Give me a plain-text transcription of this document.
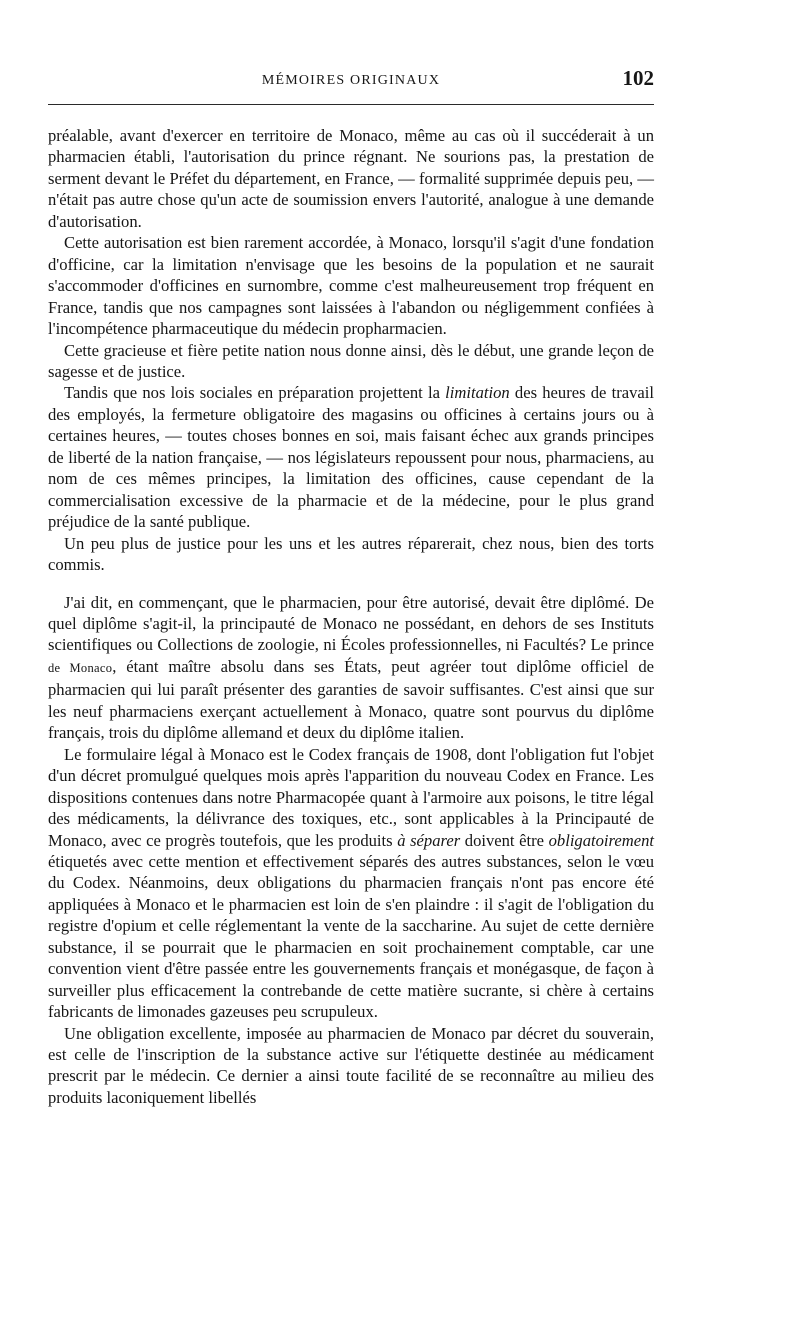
MÉMOIRES ORIGINAUX	102

préalable, avant d'exercer en territoire de Monaco, même au cas où il succéderait à un pharmacien établi, l'autorisation du prince régnant. Ne sourions pas, la prestation de serment devant le Préfet du département, en France, — formalité supprimée depuis peu, — n'était pas autre chose qu'un acte de soumission envers l'autorité, analogue à une demande d'autorisation.

Cette autorisation est bien rarement accordée, à Monaco, lorsqu'il s'agit d'une fondation d'officine, car la limitation n'envisage que les besoins de la population et ne saurait s'accommoder d'officines en surnombre, comme c'est malheureusement trop fréquent en France, tandis que nos campagnes sont laissées à l'abandon ou négligemment confiées à l'incompétence pharmaceutique du médecin propharmacien.

Cette gracieuse et fière petite nation nous donne ainsi, dès le début, une grande leçon de sagesse et de justice.

Tandis que nos lois sociales en préparation projettent la limitation des heures de travail des employés, la fermeture obligatoire des magasins ou officines à certains jours ou à certaines heures, — toutes choses bonnes en soi, mais faisant échec aux grands principes de liberté de la nation française, — nos législateurs repoussent pour nous, pharmaciens, au nom de ces mêmes principes, la limitation des officines, cause cependant de la commercialisation excessive de la pharmacie et de la médecine, pour le plus grand préjudice de la santé publique.

Un peu plus de justice pour les uns et les autres réparerait, chez nous, bien des torts commis.

J'ai dit, en commençant, que le pharmacien, pour être autorisé, devait être diplômé. De quel diplôme s'agit-il, la principauté de Monaco ne possédant, en dehors de ses Instituts scientifiques ou Collections de zoologie, ni Écoles professionnelles, ni Facultés? Le prince de Monaco, étant maître absolu dans ses États, peut agréer tout diplôme officiel de pharmacien qui lui paraît présenter des garanties de savoir suffisantes. C'est ainsi que sur les neuf pharmaciens exerçant actuellement à Monaco, quatre sont pourvus du diplôme français, trois du diplôme allemand et deux du diplôme italien.

Le formulaire légal à Monaco est le Codex français de 1908, dont l'obligation fut l'objet d'un décret promulgué quelques mois après l'apparition du nouveau Codex en France. Les dispositions contenues dans notre Pharmacopée quant à l'armoire aux poisons, le titre légal des médicaments, la délivrance des toxiques, etc., sont applicables à la Principauté de Monaco, avec ce progrès toutefois, que les produits à séparer doivent être obligatoirement étiquetés avec cette mention et effectivement séparés des autres substances, selon le vœu du Codex. Néanmoins, deux obligations du pharmacien français n'ont pas encore été appliquées à Monaco et le pharmacien est loin de s'en plaindre : il s'agit de l'obligation du registre d'opium et celle réglementant la vente de la saccharine. Au sujet de cette dernière substance, il se pourrait que le pharmacien en soit prochainement comptable, car une convention vient d'être passée entre les gouvernements français et monégasque, de façon à surveiller plus efficacement la contrebande de cette matière sucrante, si chère à certains fabricants de limonades gazeuses peu scrupuleux.

Une obligation excellente, imposée au pharmacien de Monaco par décret du souverain, est celle de l'inscription de la substance active sur l'étiquette destinée au médicament prescrit par le médecin. Ce dernier a ainsi toute facilité de se reconnaître au milieu des produits laconiquement libellés
